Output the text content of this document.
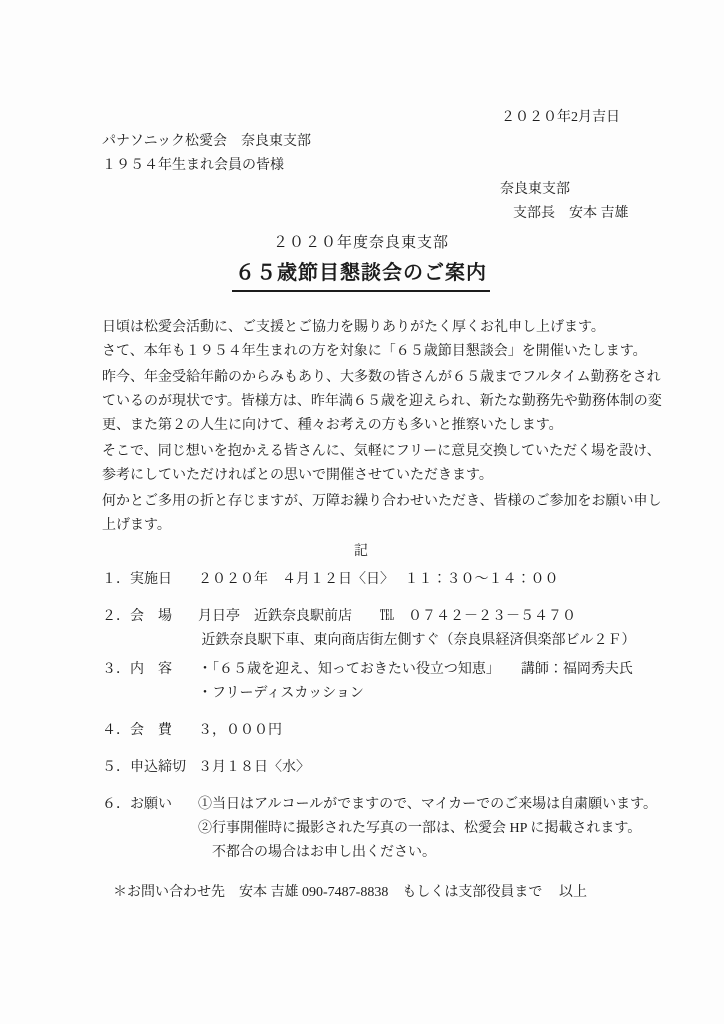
２０２０年2月吉日
パナソニック松愛会　奈良東支部
１９５４年生まれ会員の皆様
奈良東支部
支部長　安本 吉雄
２０２０年度奈良東支部
６５歳節目懇談会のご案内
日頃は松愛会活動に、ご支援とご協力を賜りありがたく厚くお礼申し上げます。
さて、本年も１９５４年生まれの方を対象に「６５歳節目懇談会」を開催いたします。
昨今、年金受給年齢のからみもあり、大多数の皆さんが６５歳までフルタイム勤務をされ
ているのが現状です。皆様方は、昨年満６５歳を迎えられ、新たな勤務先や勤務体制の変
更、また第２の人生に向けて、種々お考えの方も多いと推察いたします。
そこで、同じ想いを抱かえる皆さんに、気軽にフリーに意見交換していただく場を設け、
参考にしていただければとの思いで開催させていただきます。
何かとご多用の折と存じますが、万障お繰り合わせいただき、皆様のご参加をお願い申し
上げます。
記
１．実施日	２０２０年　４月１２日〈日〉　 １１：３０～１４：００
２．会　場	月日亭　近鉄奈良駅前店　　℡　０７４２－２３－５４７０
近鉄奈良駅下車、東向商店街左側すぐ（奈良県経済倶楽部ビル２Ｆ）
３．内　容	・「６５歳を迎え、知っておきたい役立つ知恵」　　講師：福岡秀夫氏
・フリーディスカッション
４．会　費	３，０００円
５．申込締切 ３月１８日〈水〉
６．お願い	①当日はアルコールがでますので、マイカーでのご来場は自粛願います。
②行事開催時に撮影された写真の一部は、松愛会 HP に掲載されます。
　不都合の場合はお申し出ください。
＊お問い合わせ先　安本 吉雄 090-7487-8838　もしくは支部役員まで 以上
